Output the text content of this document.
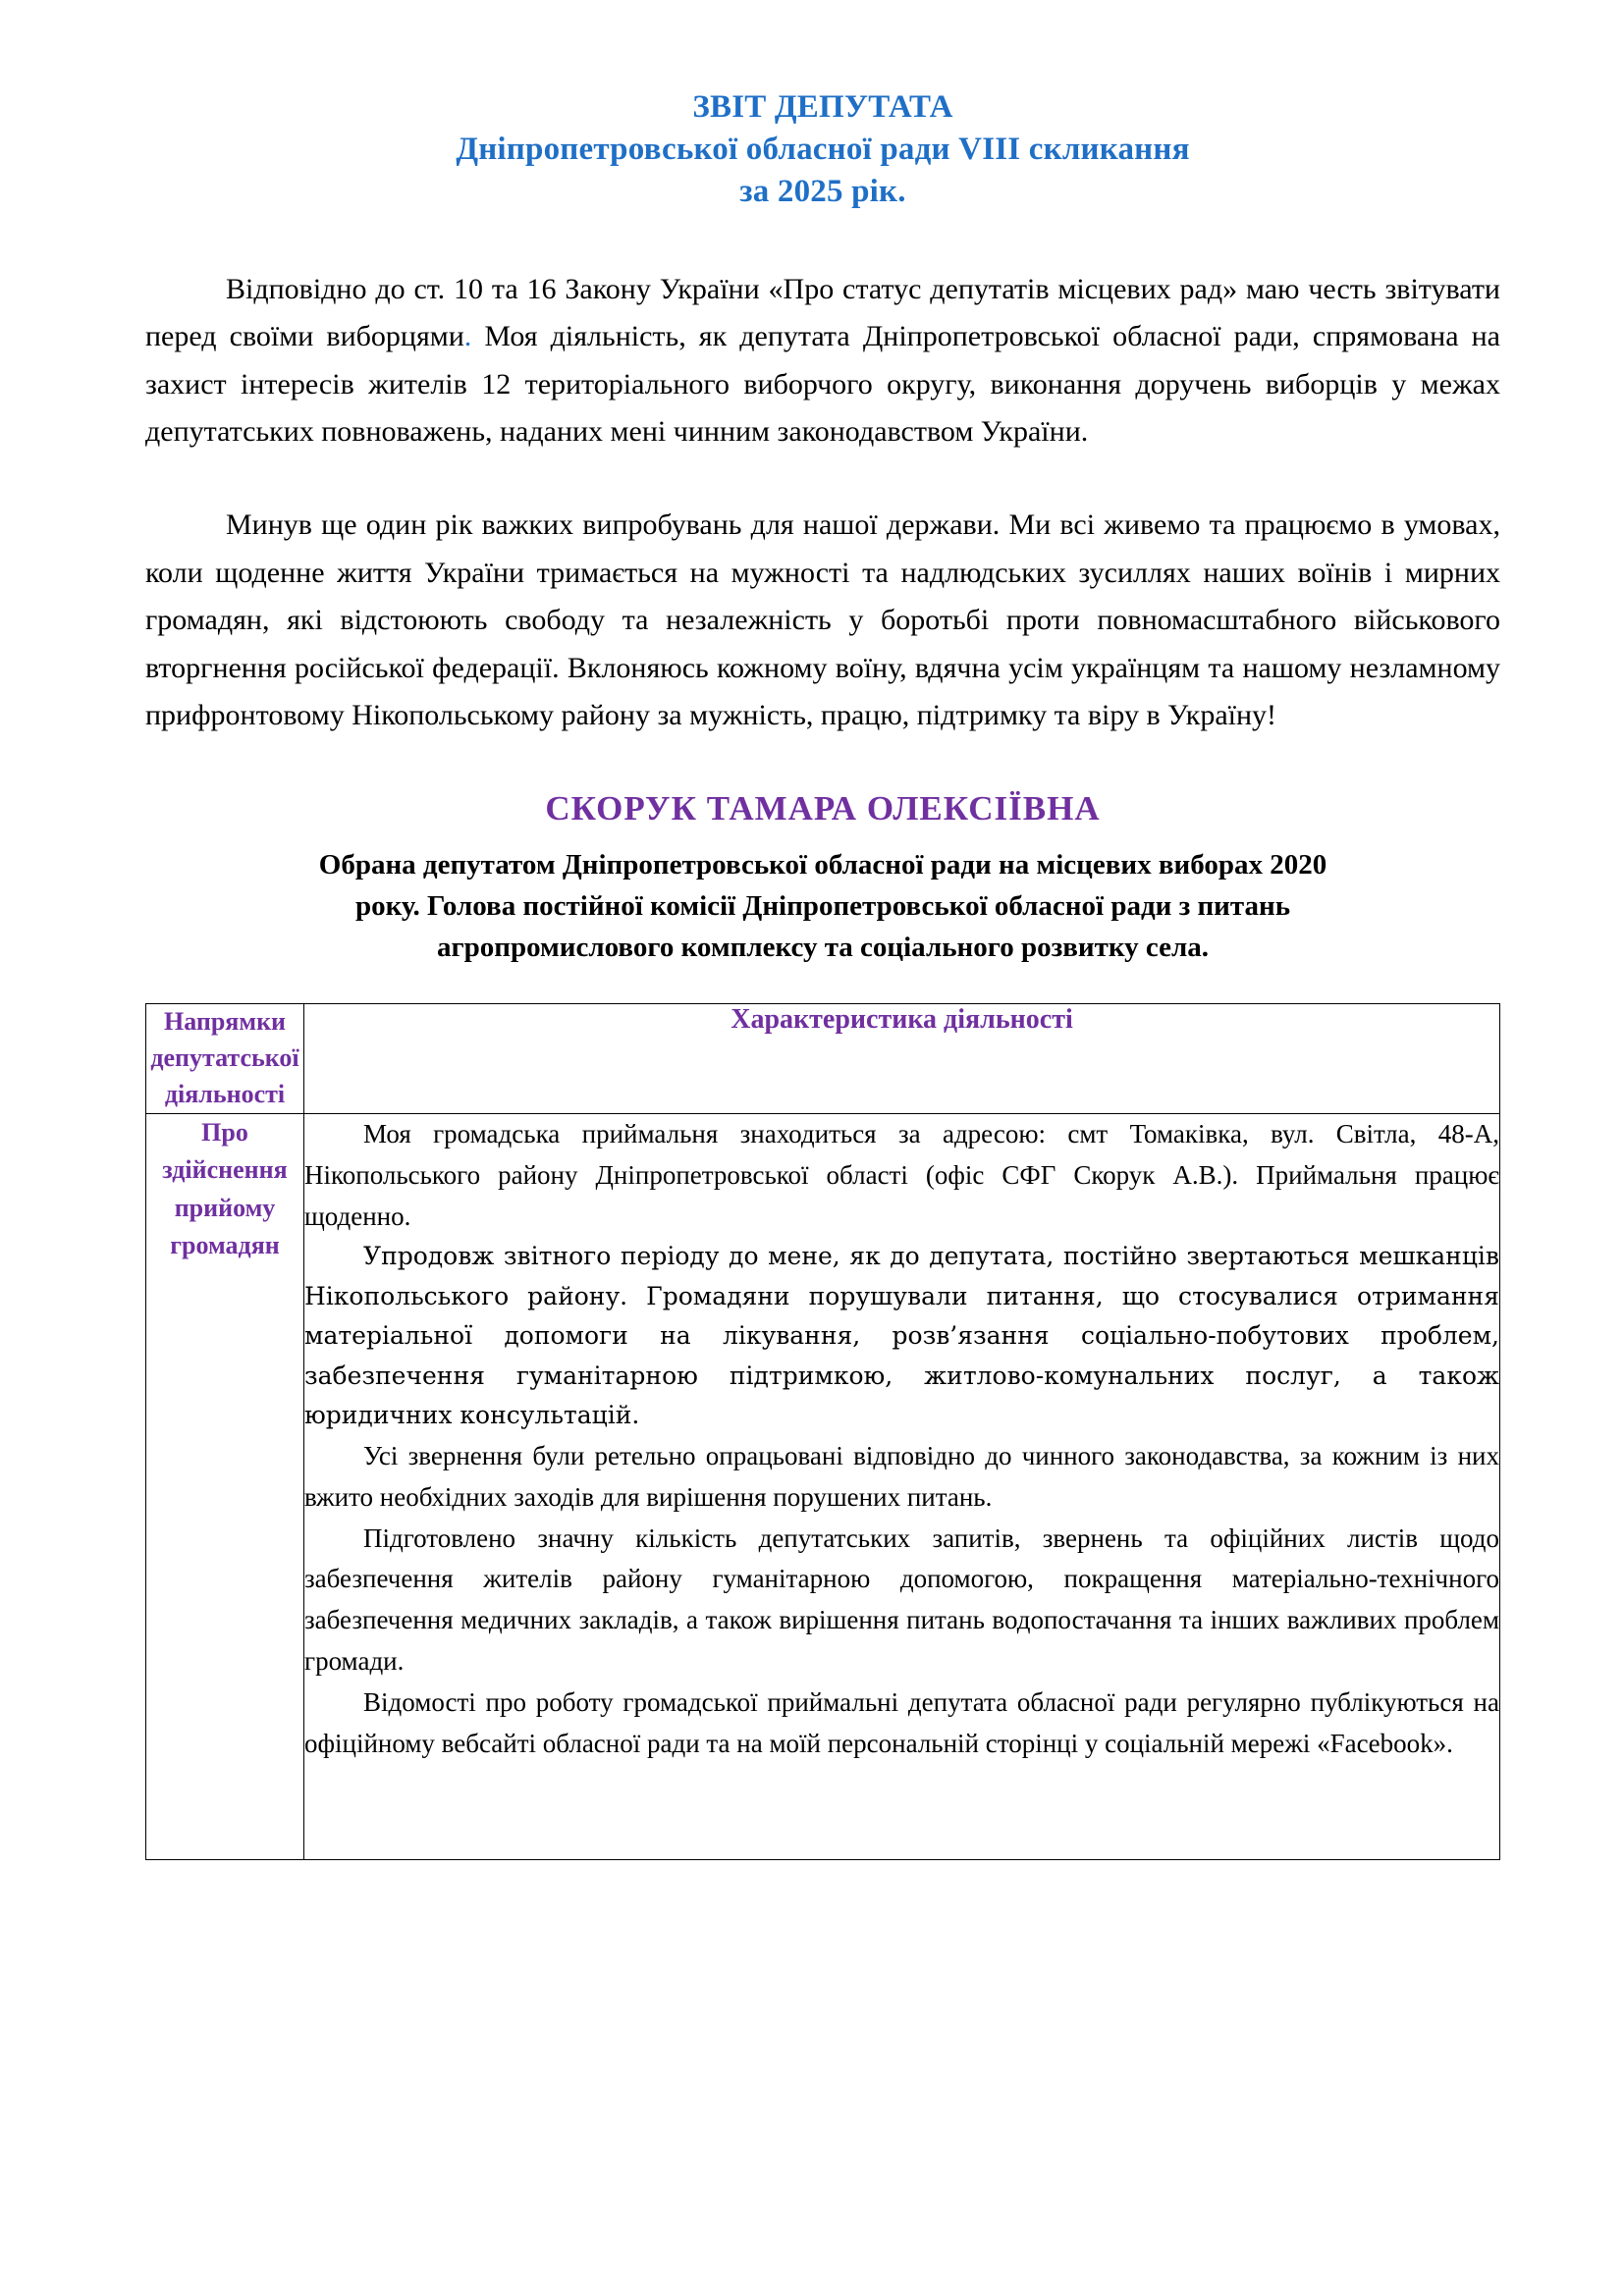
ЗВІТ ДЕПУТАТА
Дніпропетровської обласної ради VIII скликання
за 2025 рік.

Відповідно до ст. 10 та 16 Закону України «Про статус депутатів місцевих рад» маю честь звітувати перед своїми виборцями. Моя діяльність, як депутата Дніпропетровської обласної ради, спрямована на захист інтересів жителів 12 територіального виборчого округу, виконання доручень виборців у межах депутатських повноважень, наданих мені чинним законодавством України.

Минув ще один рік важких випробувань для нашої держави. Ми всі живемо та працюємо в умовах, коли щоденне життя України тримається на мужності та надлюдських зусиллях наших воїнів і мирних громадян, які відстоюють свободу та незалежність у боротьбі проти повномасштабного військового вторгнення російської федерації. Вклоняюсь кожному воїну, вдячна усім українцям та нашому незламному прифронтовому Нікопольському району за мужність, працю, підтримку та віру в Україну!

СКОРУК ТАМАРА ОЛЕКСІЇВНА
Обрана депутатом Дніпропетровської обласної ради на місцевих виборах 2020
року. Голова постійної комісії Дніпропетровської обласної ради з питань
агропромислового комплексу та соціального розвитку села.
Напрямки депутатської діяльності	Характеристика діяльності
Про здійснення прийому громадян	Моя громадська приймальня знаходиться за адресою: смт Томаківка, вул. Світла, 48-А, Нікопольського району Дніпропетровської області (офіс СФГ Скорук А.В.). Приймальня працює щоденно.

Упродовж звітного періоду до мене, як до депутата, постійно звертаються мешканців Нікопольського району. Громадяни порушували питання, що стосувалися отримання матеріальної допомоги на лікування, розв’язання соціально-побутових проблем, забезпечення гуманітарною підтримкою, житлово-комунальних послуг, а також юридичних консультацій.

Усі звернення були ретельно опрацьовані відповідно до чинного законодавства, за кожним із них вжито необхідних заходів для вирішення порушених питань.

Підготовлено значну кількість депутатських запитів, звернень та офіційних листів щодо забезпечення жителів району гуманітарною допомогою, покращення матеріально-технічного забезпечення медичних закладів, а також вирішення питань водопостачання та інших важливих проблем громади.

Відомості про роботу громадської приймальні депутата обласної ради регулярно публікуються на офіційному вебсайті обласної ради та на моїй персональній сторінці у соціальній мережі «Facebook».
